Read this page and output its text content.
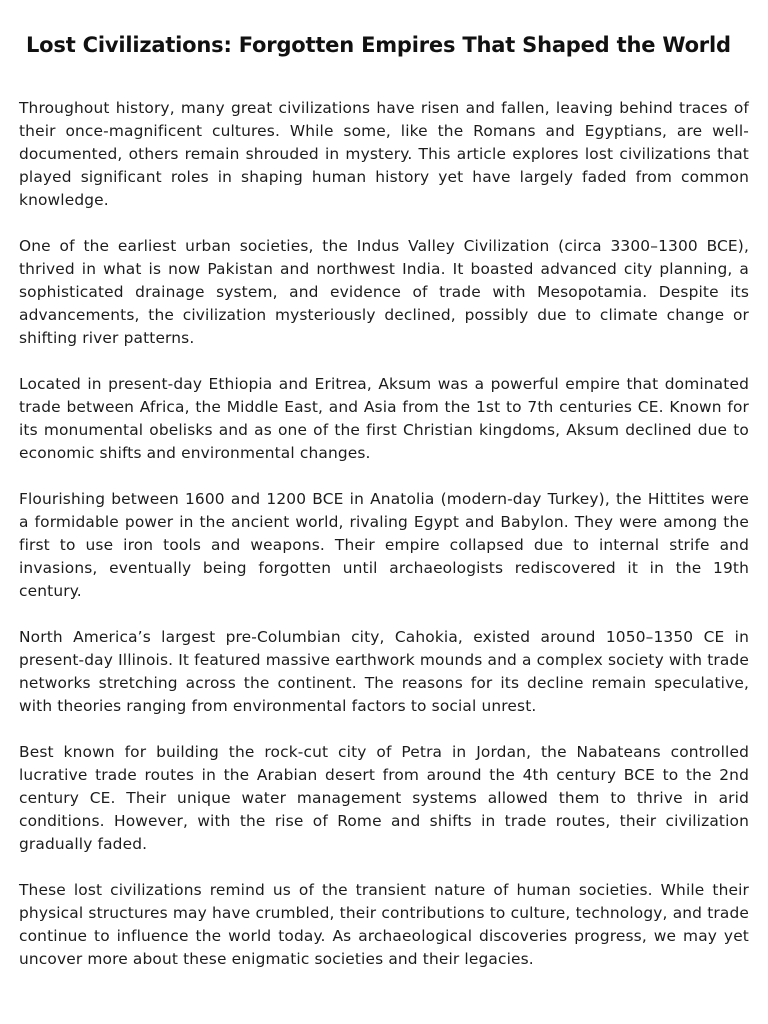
Lost Civilizations: Forgotten Empires That Shaped the World

Throughout history, many great civilizations have risen and fallen, leaving behind traces of their once-magnificent cultures. While some, like the Romans and Egyptians, are well-documented, others remain shrouded in mystery. This article explores lost civilizations that played significant roles in shaping human history yet have largely faded from common knowledge.

One of the earliest urban societies, the Indus Valley Civilization (circa 3300–1300 BCE), thrived in what is now Pakistan and northwest India. It boasted advanced city planning, a sophisticated drainage system, and evidence of trade with Mesopotamia. Despite its advancements, the civilization mysteriously declined, possibly due to climate change or shifting river patterns.

Located in present-day Ethiopia and Eritrea, Aksum was a powerful empire that dominated trade between Africa, the Middle East, and Asia from the 1st to 7th centuries CE. Known for its monumental obelisks and as one of the first Christian kingdoms, Aksum declined due to economic shifts and environmental changes.

Flourishing between 1600 and 1200 BCE in Anatolia (modern-day Turkey), the Hittites were a formidable power in the ancient world, rivaling Egypt and Babylon. They were among the first to use iron tools and weapons. Their empire collapsed due to internal strife and invasions, eventually being forgotten until archaeologists rediscovered it in the 19th century.

North America’s largest pre-Columbian city, Cahokia, existed around 1050–1350 CE in present-day Illinois. It featured massive earthwork mounds and a complex society with trade networks stretching across the continent. The reasons for its decline remain speculative, with theories ranging from environmental factors to social unrest.

Best known for building the rock-cut city of Petra in Jordan, the Nabateans controlled lucrative trade routes in the Arabian desert from around the 4th century BCE to the 2nd century CE. Their unique water management systems allowed them to thrive in arid conditions. However, with the rise of Rome and shifts in trade routes, their civilization gradually faded.

These lost civilizations remind us of the transient nature of human societies. While their physical structures may have crumbled, their contributions to culture, technology, and trade continue to influence the world today. As archaeological discoveries progress, we may yet uncover more about these enigmatic societies and their legacies.
